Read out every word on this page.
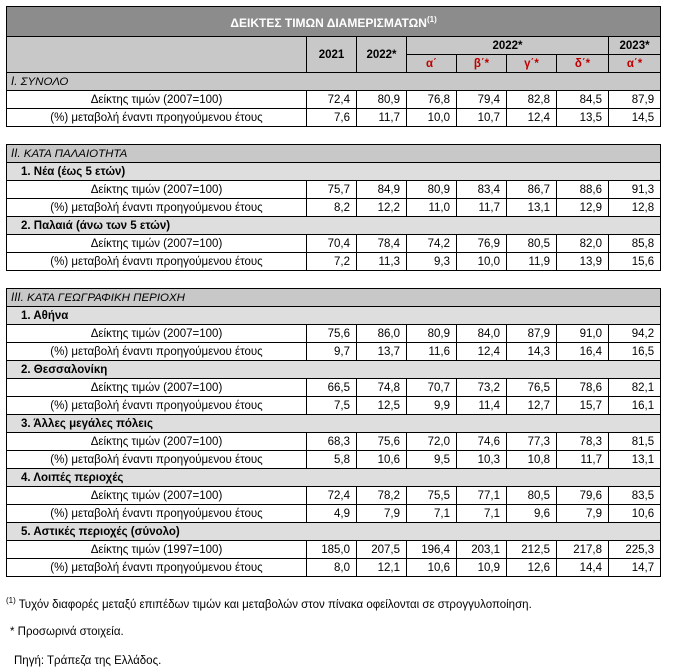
ΔΕΙΚΤΕΣ ΤΙΜΩΝ ΔΙΑΜΕΡΙΣΜΑΤΩΝ$^{(1)}$
	2021	2022*	2022*				2023*
			α΄	β΄*	γ΄*	δ΄*	α΄*
I. ΣΥΝΟΛΟ							
Δείκτης τιμών (2007=100)	72,4	80,9	76,8	79,4	82,8	84,5	87,9
(%) μεταβολή έναντι προηγούμενου έτους	7,6	11,7	10,0	10,7	12,4	13,5	14,5

II. ΚΑΤΑ ΠΑΛΑΙΟΤΗΤΑ							
1. Νέα (έως 5 ετών)							
Δείκτης τιμών (2007=100)	75,7	84,9	80,9	83,4	86,7	88,6	91,3
(%) μεταβολή έναντι προηγούμενου έτους	8,2	12,2	11,0	11,7	13,1	12,9	12,8
2. Παλαιά (άνω των 5 ετών)							
Δείκτης τιμών (2007=100)	70,4	78,4	74,2	76,9	80,5	82,0	85,8
(%) μεταβολή έναντι προηγούμενου έτους	7,2	11,3	9,3	10,0	11,9	13,9	15,6

III. ΚΑΤΑ ΓΕΩΓΡΑΦΙΚΗ ΠΕΡΙΟΧΗ							
1. Αθήνα							
Δείκτης τιμών (2007=100)	75,6	86,0	80,9	84,0	87,9	91,0	94,2
(%) μεταβολή έναντι προηγούμενου έτους	9,7	13,7	11,6	12,4	14,3	16,4	16,5
2. Θεσσαλονίκη							
Δείκτης τιμών (2007=100)	66,5	74,8	70,7	73,2	76,5	78,6	82,1
(%) μεταβολή έναντι προηγούμενου έτους	7,5	12,5	9,9	11,4	12,7	15,7	16,1
3. Άλλες μεγάλες πόλεις							
Δείκτης τιμών (2007=100)	68,3	75,6	72,0	74,6	77,3	78,3	81,5
(%) μεταβολή έναντι προηγούμενου έτους	5,8	10,6	9,5	10,3	10,8	11,7	13,1
4. Λοιπές περιοχές							
Δείκτης τιμών (2007=100)	72,4	78,2	75,5	77,1	80,5	79,6	83,5
(%) μεταβολή έναντι προηγούμενου έτους	4,9	7,9	7,1	7,1	9,6	7,9	10,6
5. Αστικές περιοχές (σύνολο)							
Δείκτης τιμών (1997=100)	185,0	207,5	196,4	203,1	212,5	217,8	225,3
(%) μεταβολή έναντι προηγούμενου έτους	8,0	12,1	10,6	10,9	12,6	14,4	14,7
$^{(1)}$ Τυχόν διαφορές μεταξύ επιπέδων τιμών και μεταβολών στον πίνακα οφείλονται σε στρογγυλοποίηση.
* Προσωρινά στοιχεία.
Πηγή: Τράπεζα της Ελλάδος.
